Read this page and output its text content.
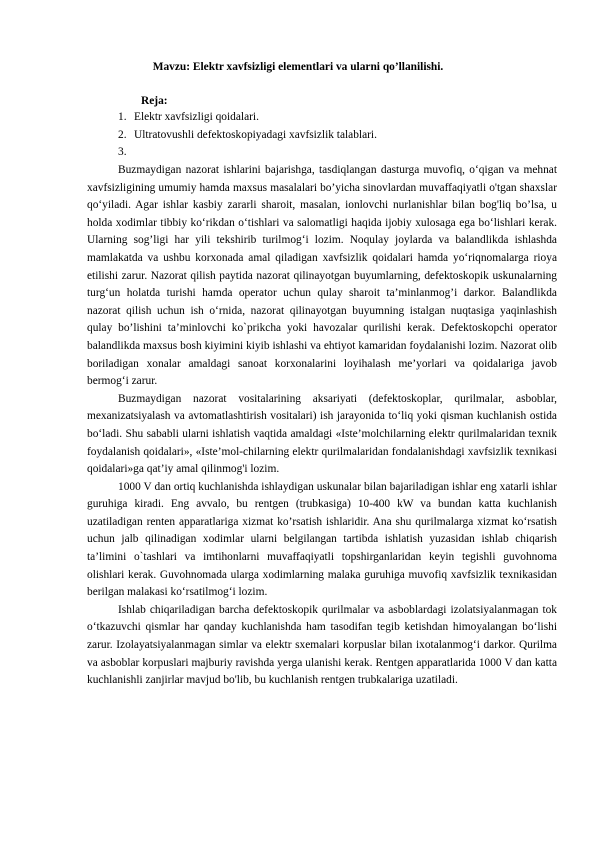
Mavzu: Elektr xavfsizligi elementlari va ularni qo’llanilishi.
Reja:
1. Elektr xavfsizligi qoidalari.
2. Ultratovushli defektoskopiyadagi xavfsizlik talablari.
3.

Buzmaydigan nazorat ishlarini bajarishga, tasdiqlangan dasturga muvofiq, o‘qigan va mehnat xavfsizligining umumiy hamda maxsus masalalari bo’yicha sinovlardan muvaffaqiyatli o'tgan shaxslar qo‘yiladi. Agar ishlar kasbiy zararli sharoit, masalan, ionlovchi nurlanishlar bilan bog'liq bo’lsa, u holda xodimlar tibbiy ko‘rikdan o‘tishlari va salomatligi haqida ijobiy xulosaga ega bo‘lishlari kerak. Ularning sog’ligi har yili tekshirib turilmog‘i lozim. Noqulay joylarda va balandlikda ishlashda mamlakatda va ushbu korxonada amal qiladigan xavfsizlik qoidalari hamda yo‘riqnomalarga rioya etilishi zarur. Nazorat qilish paytida nazorat qilinayotgan buyumlarning, defektoskopik uskunalarning turg‘un holatda turishi hamda operator uchun qulay sharoit ta’minlanmog’i darkor. Balandlikda nazorat qilish uchun ish o‘rnida, nazorat qilinayotgan buyumning istalgan nuqtasiga yaqinlashish qulay bo’lishini ta’minlovchi ko`prikcha yoki havozalar qurilishi kerak. Defektoskopchi operator balandlikda maxsus bosh kiyimini kiyib ishlashi va ehtiyot kamaridan foydalanishi lozim. Nazorat olib boriladigan xonalar amaldagi sanoat korxonalarini loyihalash me’yorlari va qoidalariga javob bermog‘i zarur.

Buzmaydigan nazorat vositalarining aksariyati (defektoskoplar, qurilmalar, asboblar, mexanizatsiyalash va avtomatlashtirish vositalari) ish jarayonida to‘liq yoki qisman kuchlanish ostida bo‘ladi. Shu sababli ularni ishlatish vaqtida amaldagi «Iste’molchilarning elektr qurilmalaridan texnik foydalanish qoidalari», «Iste’mol-chilarning elektr qurilmalaridan fondalanishdagi xavfsizlik texnikasi qoidalari»ga qat’iy amal qilinmog'i lozim.

1000 V dan ortiq kuchlanishda ishlaydigan uskunalar bilan bajariladigan ishlar eng xatarli ishlar guruhiga kiradi. Eng avvalo, bu rentgen (trubkasiga) 10-400 kW va bundan katta kuchlanish uzatiladigan renten apparatlariga xizmat ko’rsatish ishlaridir. Ana shu qurilmalarga xizmat ko‘rsatish uchun jalb qilinadigan xodimlar ularni belgilangan tartibda ishlatish yuzasidan ishlab chiqarish ta’limini o`tashlari va imtihonlarni muvaffaqiyatli topshirganlaridan keyin tegishli guvohnoma olishlari kerak. Guvohnomada ularga xodimlarning malaka guruhiga muvofiq xavfsizlik texnikasidan berilgan malakasi ko‘rsatilmog‘i lozim.

Ishlab chiqariladigan barcha defektoskopik qurilmalar va asboblardagi izolatsiyalanmagan tok o‘tkazuvchi qismlar har qanday kuchlanishda ham tasodifan tegib ketishdan himoyalangan bo‘lishi zarur. Izolayatsiyalanmagan simlar va elektr sxemalari korpuslar bilan ixotalanmog‘i darkor. Qurilma va asboblar korpuslari majburiy ravishda yerga ulanishi kerak. Rentgen apparatlarida 1000 V dan katta kuchlanishli zanjirlar mavjud bo'lib, bu kuchlanish rentgen trubkalariga uzatiladi.
